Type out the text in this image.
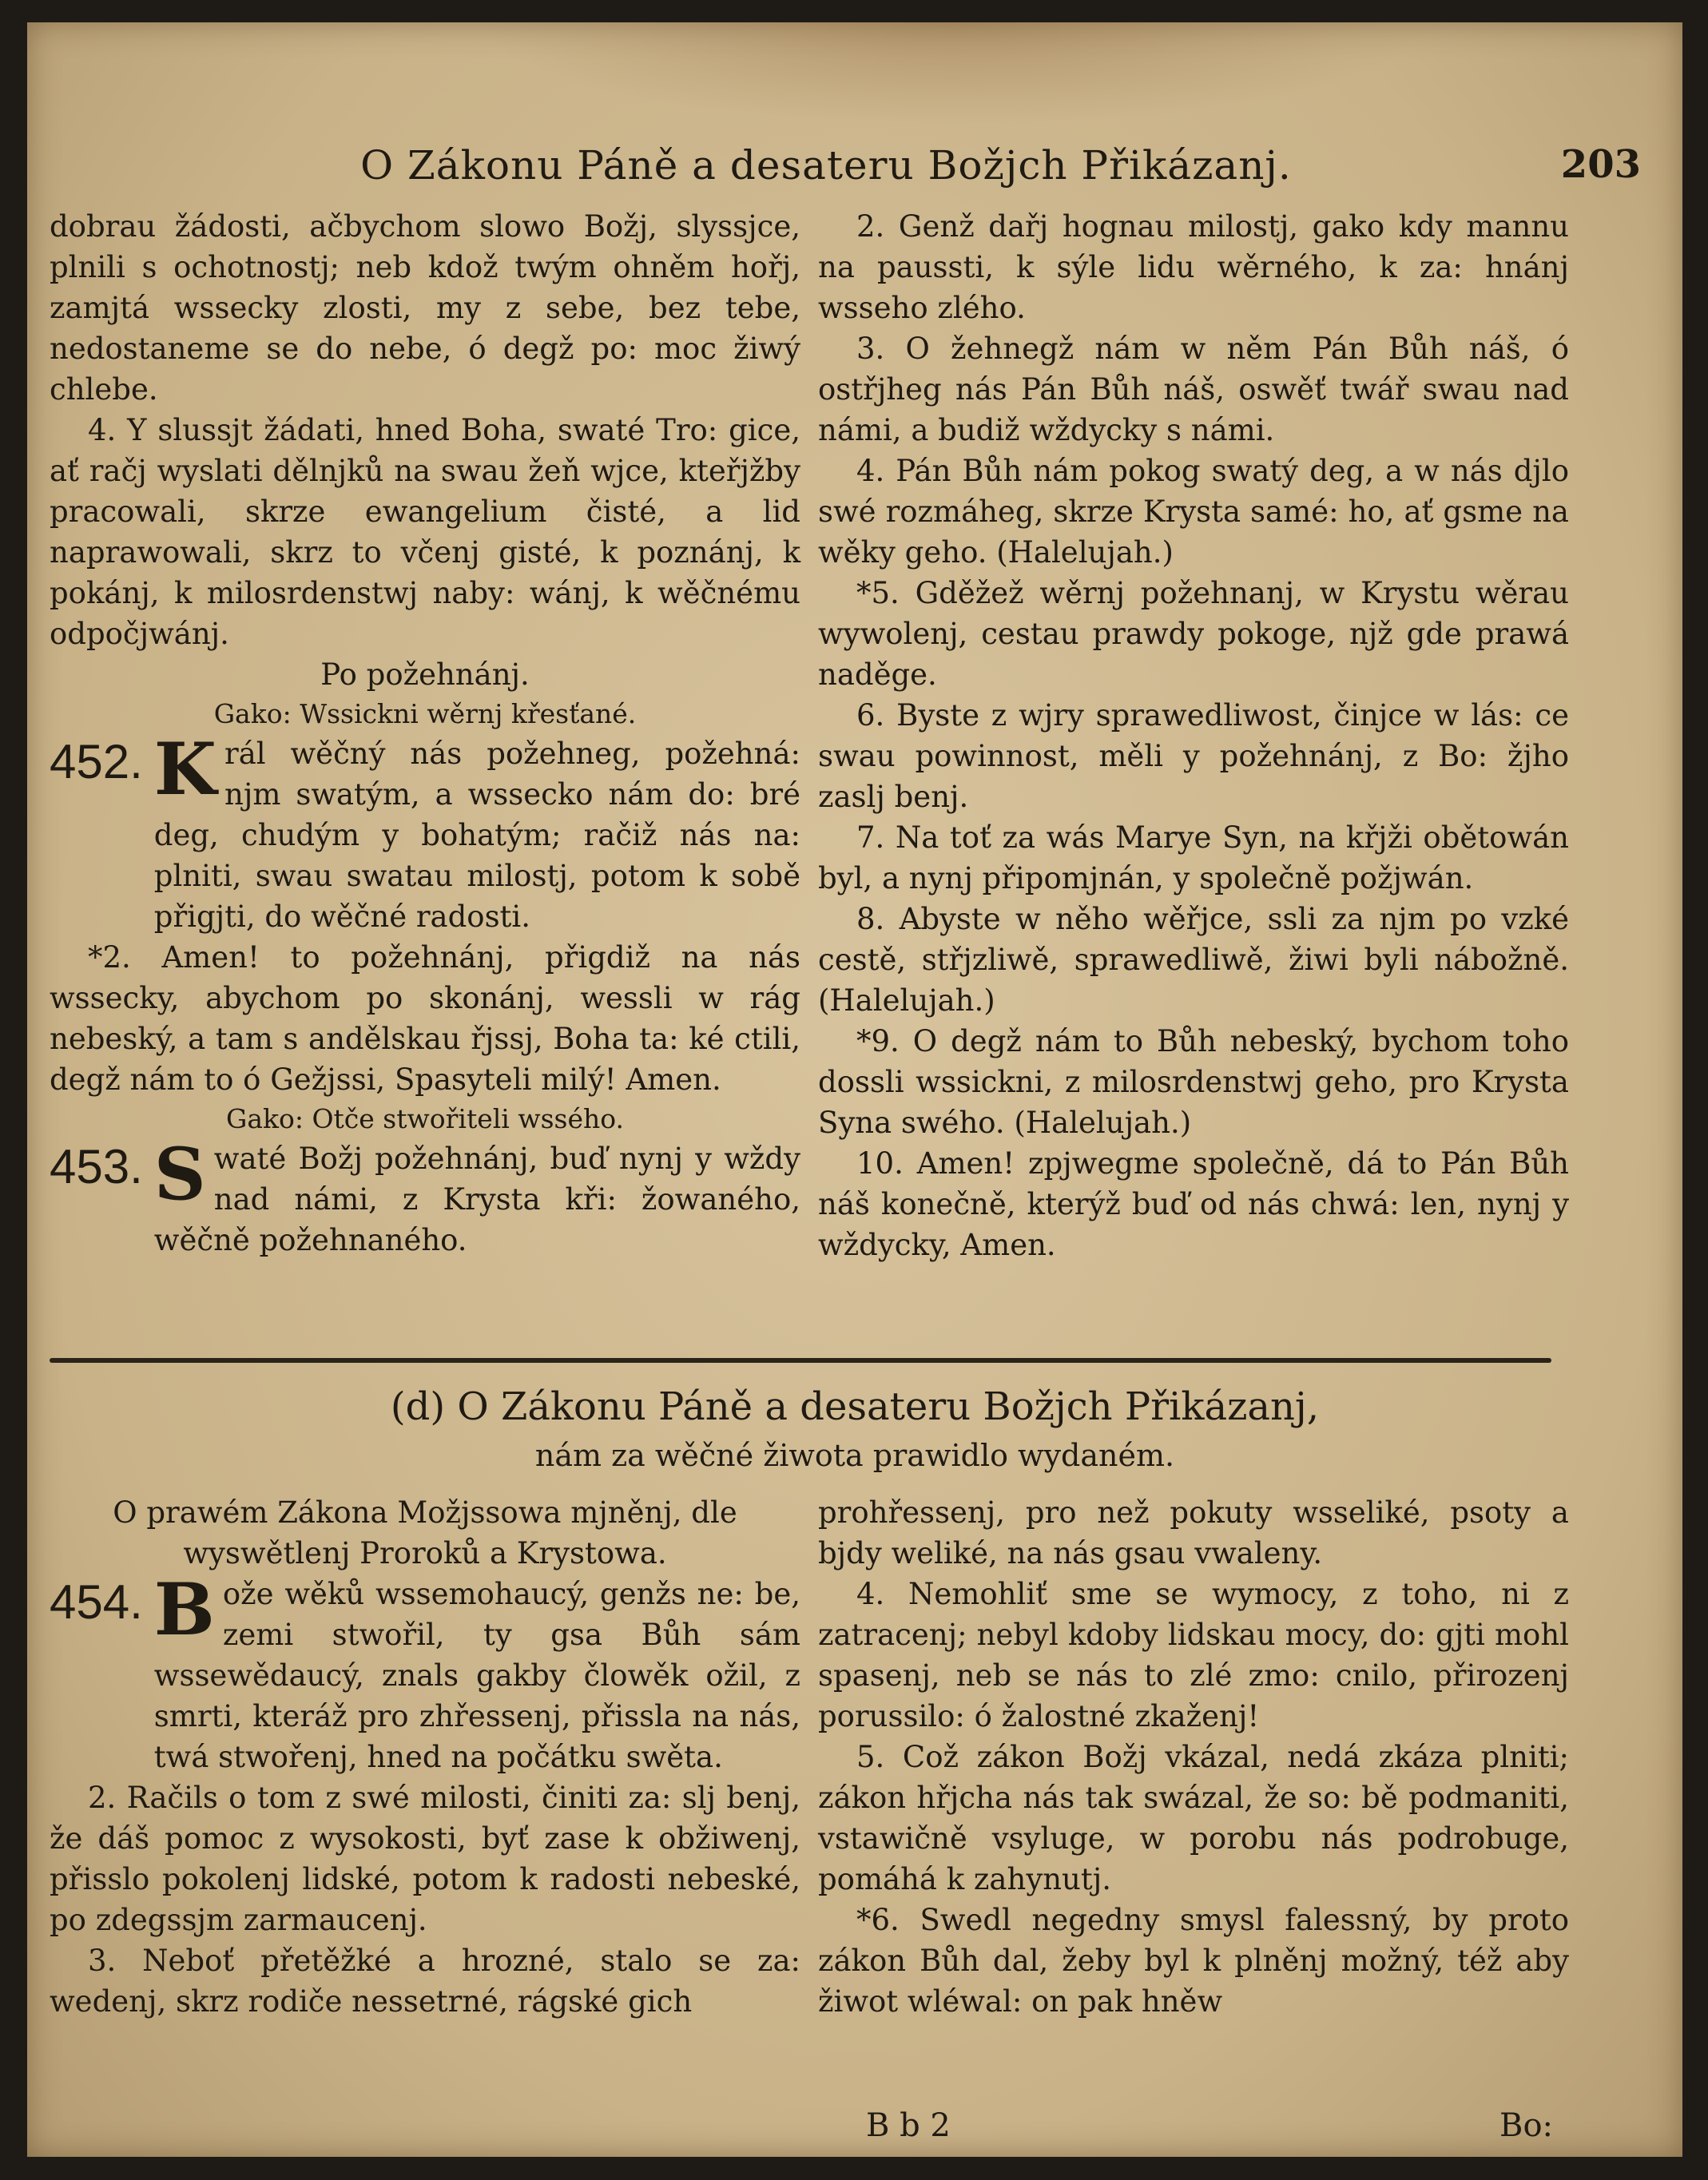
O Zákonu Páně a desateru Božjch Přikázanj.	203

dobrau žádosti, ačbychom slowo Božj, slyssjce, plnili s ochotnostj; neb kdož twým ohněm hořj, zamjtá wssecky zlosti, my z sebe, bez tebe, nedostaneme se do nebe, ó degž po: moc žiwý chlebe.

4. Y slussjt žádati, hned Boha, swaté Tro: gice, ať račj wyslati dělnjků na swau žeň wjce, kteřjžby pracowali, skrze ewangelium čisté, a lid naprawowali, skrz to včenj gisté, k poznánj, k pokánj, k milosrdenstwj naby: wánj, k wěčnému odpočjwánj.

Po požehnánj.

Gako: Wssickni wěrnj křesťané.

452. K rál wěčný nás požehneg, požehná: njm swatým, a wssecko nám do: bré deg, chudým y bohatým; račiž nás na: plniti, swau swatau milostj, potom k sobě přigjti, do wěčné radosti.

*2. Amen! to požehnánj, přigdiž na nás wssecky, abychom po skonánj, wessli w rág nebeský, a tam s andělskau řjssj, Boha ta: ké ctili, degž nám to ó Gežjssi, Spasyteli milý! Amen.

Gako: Otče stwořiteli wssého.

453. S waté Božj požehnánj, buď nynj y wždy nad námi, z Krysta kři: žowaného, wěčně požehnaného.

2. Genž dařj hognau milostj, gako kdy mannu na paussti, k sýle lidu wěrného, k za: hnánj wsseho zlého.

3. O žehnegž nám w něm Pán Bůh náš, ó ostřjheg nás Pán Bůh náš, oswěť twář swau nad námi, a budiž wždycky s námi.

4. Pán Bůh nám pokog swatý deg, a w nás djlo swé rozmáheg, skrze Krysta samé: ho, ať gsme na wěky geho. (Halelujah.)

*5. Gděžež wěrnj požehnanj, w Krystu wěrau wywolenj, cestau prawdy pokoge, njž gde prawá naděge.

6. Byste z wjry sprawedliwost, činjce w lás: ce swau powinnost, měli y požehnánj, z Bo: žjho zaslj benj.

7. Na toť za wás Marye Syn, na křjži obětowán byl, a nynj připomjnán, y společně požjwán.

8. Abyste w něho wěřjce, ssli za njm po vzké cestě, střjzliwě, sprawedliwě, žiwi byli nábožně. (Halelujah.)

*9. O degž nám to Bůh nebeský, bychom toho dossli wssickni, z milosrdenstwj geho, pro Krysta Syna swého. (Halelujah.)

10. Amen! zpjwegme společně, dá to Pán Bůh náš konečně, kterýž buď od nás chwá: len, nynj y wždycky, Amen.

(d) O Zákonu Páně a desateru Božjch Přikázanj,
nám za wěčné žiwota prawidlo wydaném.

O prawém Zákona Možjssowa mjněnj, dle wyswětlenj Proroků a Krystowa.

454. B ože wěků wssemohaucý, genžs ne: be, zemi stwořil, ty gsa Bůh sám wssewědaucý, znals gakby člowěk ožil, z smrti, kteráž pro zhřessenj, přissla na nás, twá stwořenj, hned na počátku swěta.

2. Račils o tom z swé milosti, činiti za: slj benj, že dáš pomoc z wysokosti, byť zase k obžiwenj, přisslo pokolenj lidské, potom k radosti nebeské, po zdegssjm zarmaucenj.

3. Neboť přetěžké a hrozné, stalo se za: wedenj, skrz rodiče nessetrné, rágské gich

prohřessenj, pro než pokuty wsseliké, psoty a bjdy weliké, na nás gsau vwaleny.

4. Nemohliť sme se wymocy, z toho, ni z zatracenj; nebyl kdoby lidskau mocy, do: gjti mohl spasenj, neb se nás to zlé zmo: cnilo, přirozenj porussilo: ó žalostné zkaženj!

5. Což zákon Božj vkázal, nedá zkáza plniti; zákon hřjcha nás tak swázal, že so: bě podmaniti, vstawičně vsyluge, w porobu nás podrobuge, pomáhá k zahynutj.

*6. Swedl negedny smysl falessný, by proto zákon Bůh dal, žeby byl k plněnj možný, též aby žiwot wléwal: on pak hněw

B b 2	Bo:
